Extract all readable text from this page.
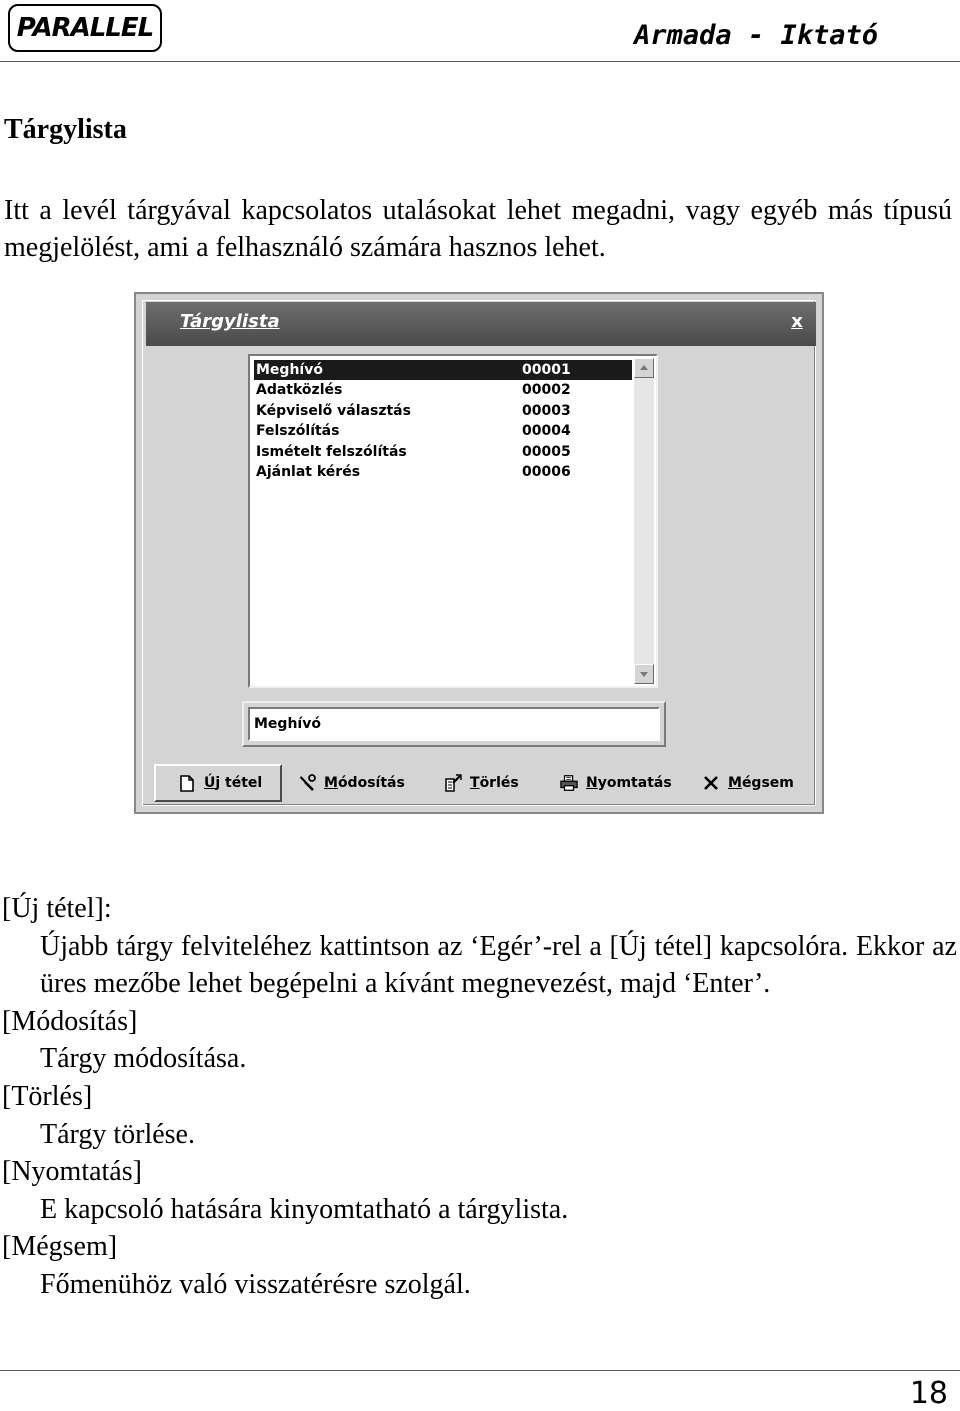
PARALLEL	Armada - Iktató
Tárgylista

Itt a levél tárgyával kapcsolatos utalásokat lehet megadni, vagy egyéb más típusú megjelölést, ami a felhasználó számára hasznos lehet.

Tárgylista	x
Meghívó	00001
Adatközlés	00002
Képviselő választás	00003
Felszólítás	00004
Ismételt felszólítás	00005
Ajánlat kérés	00006
Meghívó
Ú j tétel	M ódosítás	T örlés	N yomtatás	M égsem

[Új tétel]:

Újabb tárgy felviteléhez kattintson az ‘Egér’-rel a [Új tétel] kapcsolóra. Ekkor az üres mezőbe lehet begépelni a kívánt megnevezést, majd ‘Enter’.

[Módosítás]

Tárgy módosítása.

[Törlés]

Tárgy törlése.

[Nyomtatás]

E kapcsoló hatására kinyomtatható a tárgylista.

[Mégsem]

Főmenühöz való visszatérésre szolgál.

18
